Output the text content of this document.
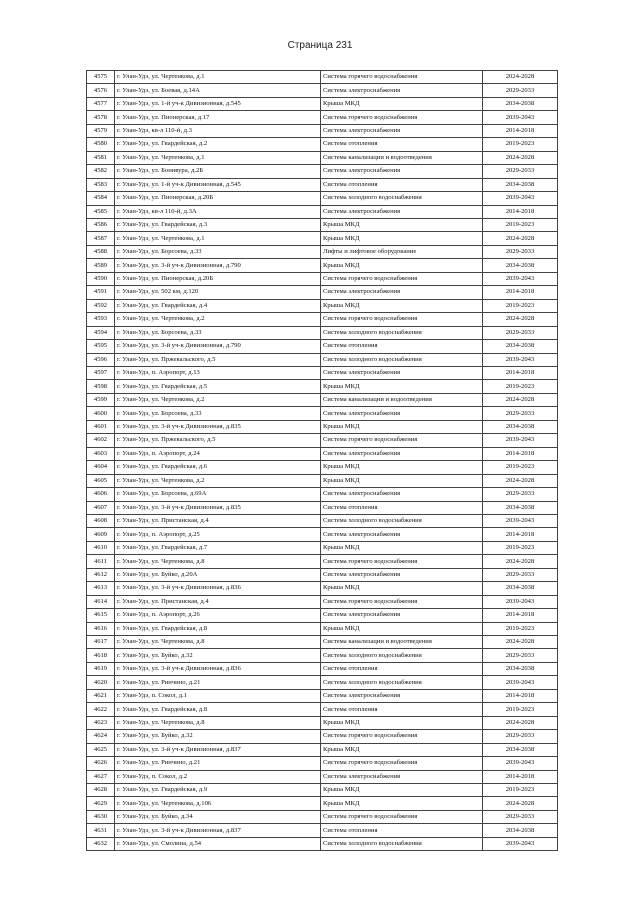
Страница 231
4575	г. Улан-Удэ, ул. Чертенкова, д.1	Система горячего водоснабжения	2024-2028
4576	г. Улан-Удэ, ул. Боевая, д.14А	Система электроснабжения	2029-2033
4577	г. Улан-Удэ, ул. 1-й уч-к Дивизионная, д.545	Крыша МКД	2034-2038
4578	г. Улан-Удэ, ул. Пионерская, д.17	Система горячего водоснабжения	2039-2043
4579	г. Улан-Удэ, кв-л 110-й, д.3	Система электроснабжения	2014-2018
4580	г. Улан-Удэ, ул. Гвардейская, д.2	Система отопления	2019-2023
4581	г. Улан-Удэ, ул. Чертенкова, д.1	Система канализации и водоотведения	2024-2028
4582	г. Улан-Удэ, ул. Бонивура, д.2Б	Система электроснабжения	2029-2033
4583	г. Улан-Удэ, ул. 1-й уч-к Дивизионная, д.545	Система отопления	2034-2038
4584	г. Улан-Удэ, ул. Пионерская, д.20Б	Система холодного водоснабжения	2039-2043
4585	г. Улан-Удэ, кв-л 110-й, д.3А	Система электроснабжения	2014-2018
4586	г. Улан-Удэ, ул. Гвардейская, д.3	Крыша МКД	2019-2023
4587	г. Улан-Удэ, ул. Чертенкова, д.1	Крыша МКД	2024-2028
4588	г. Улан-Удэ, ул. Борсоева, д.33	Лифты и лифтовое оборудование	2029-2033
4589	г. Улан-Удэ, ул. 3-й уч-к Дивизионная, д.790	Крыша МКД	2034-2038
4590	г. Улан-Удэ, ул. Пионерская, д.20Б	Система горячего водоснабжения	2039-2043
4591	г. Улан-Удэ, ул. 502 км, д.120	Система электроснабжения	2014-2018
4592	г. Улан-Удэ, ул. Гвардейская, д.4	Крыша МКД	2019-2023
4593	г. Улан-Удэ, ул. Чертенкова, д.2	Система горячего водоснабжения	2024-2028
4594	г. Улан-Удэ, ул. Борсоева, д.33	Система холодного водоснабжения	2029-2033
4595	г. Улан-Удэ, ул. 3-й уч-к Дивизионная, д.790	Система отопления	2034-2038
4596	г. Улан-Удэ, ул. Пржевальского, д.5	Система холодного водоснабжения	2039-2043
4597	г. Улан-Удэ, п. Аэропорт, д.13	Система электроснабжения	2014-2018
4598	г. Улан-Удэ, ул. Гвардейская, д.5	Крыша МКД	2019-2023
4599	г. Улан-Удэ, ул. Чертенкова, д.2	Система канализации и водоотведения	2024-2028
4600	г. Улан-Удэ, ул. Борсоева, д.33	Система электроснабжения	2029-2033
4601	г. Улан-Удэ, ул. 3-й уч-к Дивизионная, д.835	Крыша МКД	2034-2038
4602	г. Улан-Удэ, ул. Пржевальского, д.5	Система горячего водоснабжения	2039-2043
4603	г. Улан-Удэ, п. Аэропорт, д.24	Система электроснабжения	2014-2018
4604	г. Улан-Удэ, ул. Гвардейская, д.6	Крыша МКД	2019-2023
4605	г. Улан-Удэ, ул. Чертенкова, д.2	Крыша МКД	2024-2028
4606	г. Улан-Удэ, ул. Борсоева, д.69А	Система электроснабжения	2029-2033
4607	г. Улан-Удэ, ул. 3-й уч-к Дивизионная, д.835	Система отопления	2034-2038
4608	г. Улан-Удэ, ул. Пристанская, д.4	Система холодного водоснабжения	2039-2043
4609	г. Улан-Удэ, п. Аэропорт, д.25	Система электроснабжения	2014-2018
4610	г. Улан-Удэ, ул. Гвардейская, д.7	Крыша МКД	2019-2023
4611	г. Улан-Удэ, ул. Чертенкова, д.8	Система горячего водоснабжения	2024-2028
4612	г. Улан-Удэ, ул. Буйко, д.20А	Система электроснабжения	2029-2033
4613	г. Улан-Удэ, ул. 3-й уч-к Дивизионная, д.836	Крыша МКД	2034-2038
4614	г. Улан-Удэ, ул. Пристанская, д.4	Система горячего водоснабжения	2039-2043
4615	г. Улан-Удэ, п. Аэропорт, д.26	Система электроснабжения	2014-2018
4616	г. Улан-Удэ, ул. Гвардейская, д.8	Крыша МКД	2019-2023
4617	г. Улан-Удэ, ул. Чертенкова, д.8	Система канализации и водоотведения	2024-2028
4618	г. Улан-Удэ, ул. Буйко, д.32	Система холодного водоснабжения	2029-2033
4619	г. Улан-Удэ, ул. 3-й уч-к Дивизионная, д.836	Система отопления	2034-2038
4620	г. Улан-Удэ, ул. Ринчино, д.21	Система холодного водоснабжения	2039-2043
4621	г. Улан-Удэ, п. Сокол, д.1	Система электроснабжения	2014-2018
4622	г. Улан-Удэ, ул. Гвардейская, д.8	Система отопления	2019-2023
4623	г. Улан-Удэ, ул. Чертенкова, д.8	Крыша МКД	2024-2028
4624	г. Улан-Удэ, ул. Буйко, д.32	Система горячего водоснабжения	2029-2033
4625	г. Улан-Удэ, ул. 3-й уч-к Дивизионная, д.837	Крыша МКД	2034-2038
4626	г. Улан-Удэ, ул. Ринчино, д.21	Система горячего водоснабжения	2039-2043
4627	г. Улан-Удэ, п. Сокол, д.2	Система электроснабжения	2014-2018
4628	г. Улан-Удэ, ул. Гвардейская, д.9	Крыша МКД	2019-2023
4629	г. Улан-Удэ, ул. Чертенкова, д.106	Крыша МКД	2024-2028
4630	г. Улан-Удэ, ул. Буйко, д.34	Система горячего водоснабжения	2029-2033
4631	г. Улан-Удэ, ул. 3-й уч-к Дивизионная, д.837	Система отопления	2034-2038
4632	г. Улан-Удэ, ул. Смолина, д.54	Система холодного водоснабжения	2039-2043
